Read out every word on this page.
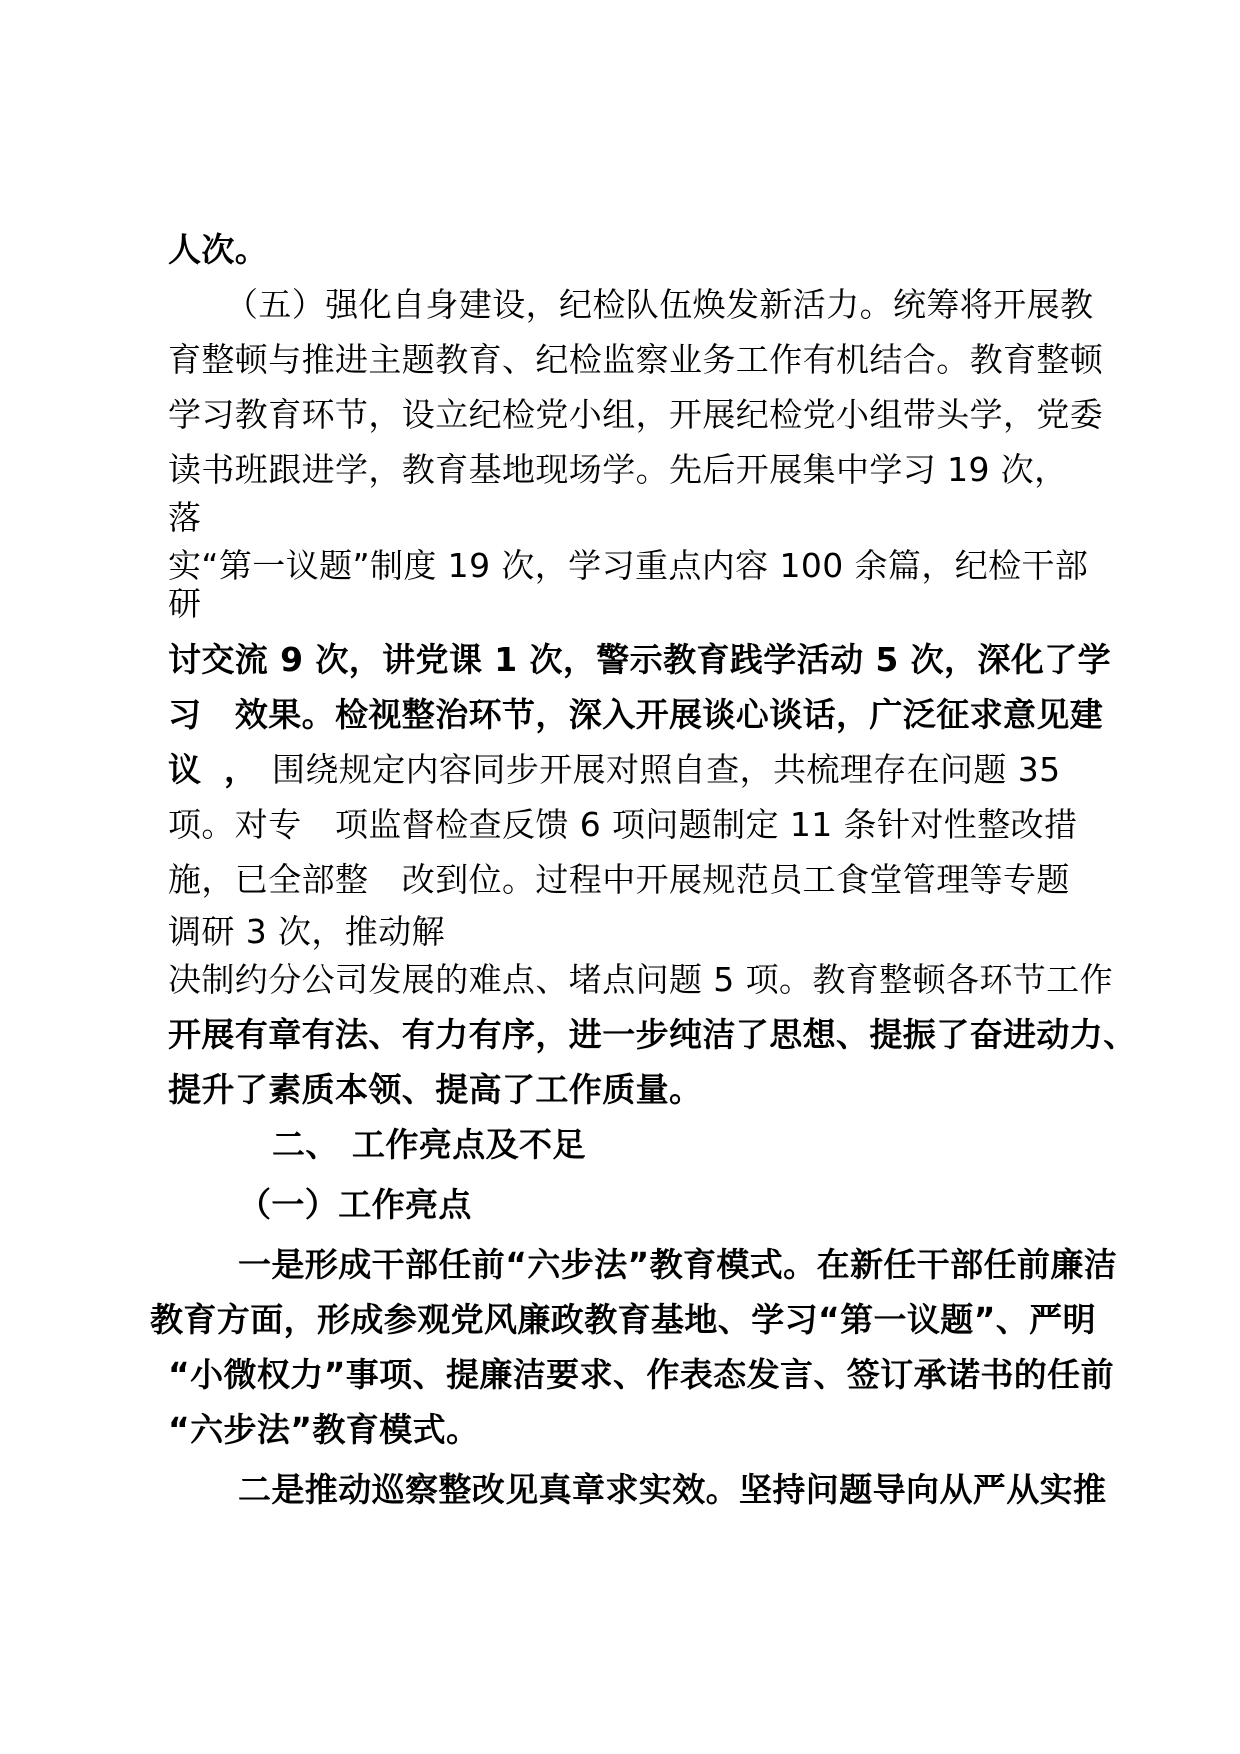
人次。
（五）强化自身建设，纪检队伍焕发新活力。统筹将开展教
育整顿与推进主题教育、纪检监察业务工作有机结合。教育整顿
学习教育环节，设立纪检党小组，开展纪检党小组带头学，党委
读书班跟进学，教育基地现场学。先后开展集中学习 19 次，
落
实“第一议题”制度 19 次，学习重点内容 100 余篇，纪检干部
研
讨交流 9 次，讲党课 1 次，警示教育践学活动 5 次，深化了学
习　效果。检视整治环节，深入开展谈心谈话，广泛征求意见建
议 ， 围绕规定内容同步开展对照自查，共梳理存在问题 35
项。对专　项监督检查反馈 6 项问题制定 11 条针对性整改措
施，已全部整　改到位。过程中开展规范员工食堂管理等专题
调研 3 次，推动解
决制约分公司发展的难点、堵点问题 5 项。教育整顿各环节工作
开展有章有法、有力有序，进一步纯洁了思想、提振了奋进动力、
提升了素质本领、提高了工作质量。
二、 工作亮点及不足
（一）工作亮点
一是形成干部任前“六步法”教育模式。在新任干部任前廉洁
教育方面，形成参观党风廉政教育基地、学习“第一议题”、严明
“小微权力”事项、提廉洁要求、作表态发言、签订承诺书的任前
“六步法”教育模式。
二是推动巡察整改见真章求实效。坚持问题导向从严从实推
